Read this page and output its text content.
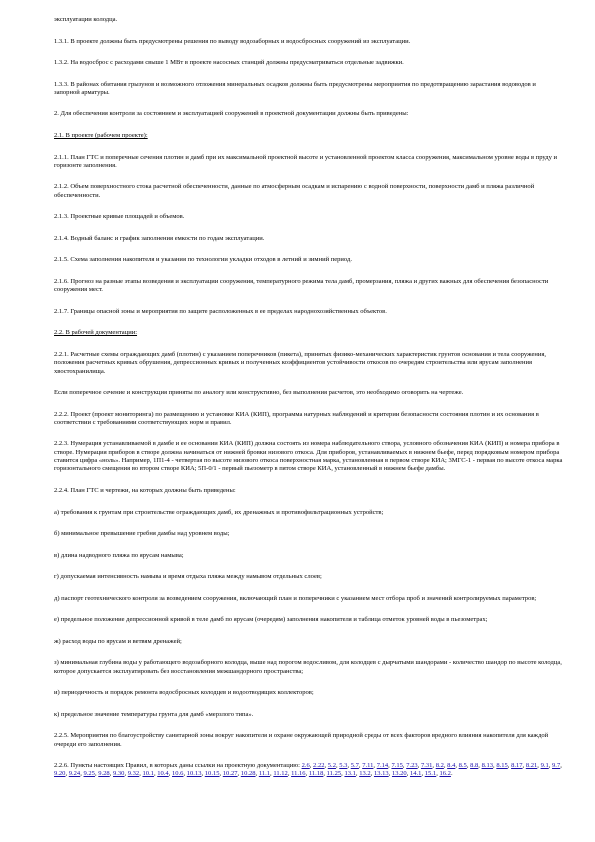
эксплуатации колодца.

1.3.1. В проекте должны быть предусмотрены решения по выводу водозаборных и водосбросных сооружений из эксплуатации.

1.3.2. На водосброс с расходами свыше 1 МВт в проекте насосных станций должны предусматриваться отдельные задвижки.

1.3.3. В районах обитания грызунов и возможного отложения минеральных осадков должны быть предусмотрены мероприятия по предотвращению зарастания водоводов и запорной арматуры.

2. Для обеспечения контроля за состоянием и эксплуатацией сооружений в проектной документации должны быть приведены:

2.1. В проекте (рабочем проекте):

2.1.1. План ГТС и поперечные сечения плотин и дамб при их максимальной проектной высоте и установленной проектом класса сооружения, максимальном уровне воды в пруду и горизонте заполнения.

2.1.2. Объем поверхностного стока расчетной обеспеченности, данные по атмосферным осадкам и испарению с водной поверхности, поверхности дамб и пляжа различной обеспеченности.

2.1.3. Проектные кривые площадей и объемов.

2.1.4. Водный баланс и график заполнения емкости по годам эксплуатации.

2.1.5. Схема заполнения накопителя и указания по технологии укладки отходов в летний и зимний период.

2.1.6. Прогноз на разные этапы возведения и эксплуатации сооружения, температурного режима тела дамб, промерзания, пляжа и других важных для обеспечения безопасности сооружения мест.

2.1.7. Границы опасной зоны и мероприятия по защите расположенных в ее пределах народнохозяйственных объектов.

2.2. В рабочей документации:

2.2.1. Расчетные схемы ограждающих дамб (плотин) с указанием поперечников (пикета), принятых физико-механических характеристик грунтов основания и тела сооружения, положения расчетных кривых обрушения, депрессионных кривых и полученных коэффициентов устойчивости откосов по очередям строительства или ярусам заполнения хвостохранилища.

Если поперечное сечение и конструкция приняты по аналогу или конструктивно, без выполнения расчетов, это необходимо оговорить на чертеже.

2.2.2. Проект (проект мониторинга) по размещению и установке КИА (КИП), программа натурных наблюдений и критерии безопасности состояния плотин и их основания в соответствии с требованиями соответствующих норм и правил.

2.2.3. Нумерация устанавливаемой в дамбе и ее основании КИА (КИП) должна состоять из номера наблюдательного створа, условного обозначения КИА (КИП) и номера прибора в створе. Нумерация приборов в створе должна начинаться от нижней бровки низового откоса. Для приборов, устанавливаемых в нижнем бьефе, перед порядковым номером прибора ставится цифра «ноль». Например, 1П1-4 - четвертая по высоте низового откоса поверхностная марка, установленная в первом створе КИА; 3МГС-1 - первая по высоте откоса марка горизонтального смещения во втором створе КИА; 5П-0/1 - первый пьезометр в пятом створе КИА, установленный в нижнем бьефе дамбы.

2.2.4. План ГТС и чертежи, на которых должны быть приведены:

а) требования к грунтам при строительстве ограждающих дамб, их дренажных и противофильтрационных устройств;

б) минимальное превышение гребня дамбы над уровнем воды;

в) длина надводного пляжа по ярусам намыва;

г) допускаемая интенсивность намыва и время отдыха пляжа между намывом отдельных слоев;

д) паспорт геотехнического контроля за возведением сооружения, включающий план и поперечники с указанием мест отбора проб и значений контролируемых параметров;

е) предельное положение депрессионной кривой в теле дамб по ярусам (очередям) заполнения накопителя и таблица отметок уровней воды в пьезометрах;

ж) расход воды по ярусам и ветвям дренажей;

з) минимальная глубина воды у работающего водозаборного колодца, выше над порогом водосливом, для колодцев с дырчатыми шандорами - количество шандор по высоте колодца, которое допускается эксплуатировать без восстановления межшандорного пространства;

и) периодичность и порядок ремонта водосбросных колодцев и водоотводящих коллекторов;

к) предельное значение температуры грунта для дамб «мерзлого типа».

2.2.5. Мероприятия по благоустройству санитарной зоны вокруг накопителя и охране окружающей природной среды от всех факторов вредного влияния накопителя для каждой очереди его заполнения.

2.2.6. Пункты настоящих Правил, в которых даны ссылки на проектную документацию: 2.6, 2.22, 5.2, 5.3, 5.7, 7.11, 7.14, 7.15, 7.23, 7.31, 8.2, 8.4, 8.5, 8.8, 8.13, 8.15, 8.17, 8.21, 9.1, 9.7, 9.20, 9.24, 9.25, 9.28, 9.30, 9.32, 10.1, 10.4, 10.6, 10.13, 10.15, 10.27, 10.28, 11.1, 11.12, 11.16, 11.18, 11.25, 13.1, 13.2, 13.13, 13.20, 14.1, 15.1, 16.2.
